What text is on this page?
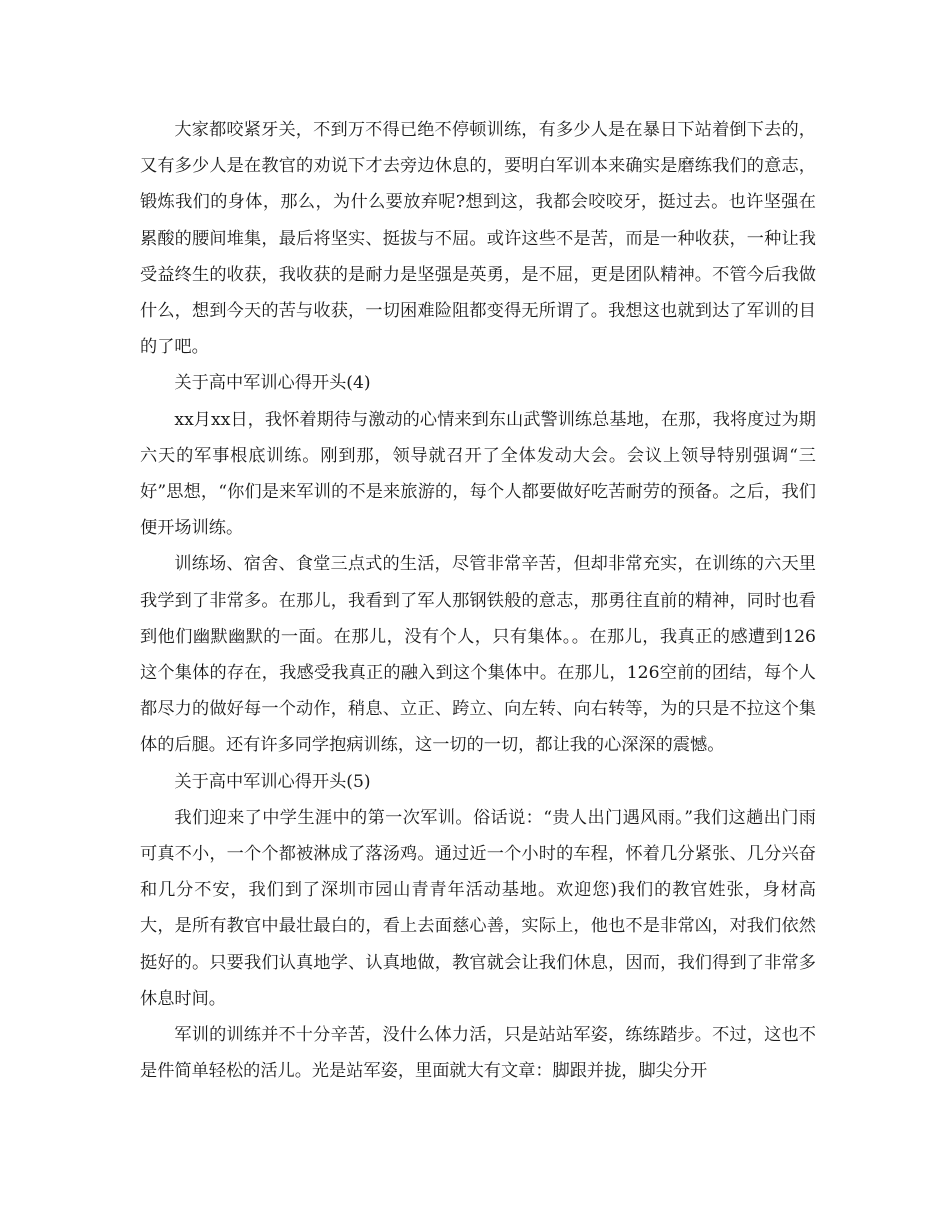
大家都咬紧牙关，不到万不得已绝不停顿训练，有多少人是在暴日下站着倒下去的，又有多少人是在教官的劝说下才去旁边休息的，要明白军训本来确实是磨练我们的意志，锻炼我们的身体，那么，为什么要放弃呢?想到这，我都会咬咬牙，挺过去。也许坚强在累酸的腰间堆集，最后将坚实、挺拔与不屈。或许这些不是苦，而是一种收获，一种让我受益终生的收获，我收获的是耐力是坚强是英勇，是不屈，更是团队精神。不管今后我做什么，想到今天的苦与收获，一切困难险阻都变得无所谓了。我想这也就到达了军训的目的了吧。

关于高中军训心得开头(4)

xx月xx日，我怀着期待与激动的心情来到东山武警训练总基地，在那，我将度过为期六天的军事根底训练。刚到那，领导就召开了全体发动大会。会议上领导特别强调“三好”思想，“你们是来军训的不是来旅游的，每个人都要做好吃苦耐劳的预备。之后，我们便开场训练。

训练场、宿舍、食堂三点式的生活，尽管非常辛苦，但却非常充实，在训练的六天里我学到了非常多。在那儿，我看到了军人那钢铁般的意志，那勇往直前的精神，同时也看到他们幽默幽默的一面。在那儿，没有个人，只有集体。。在那儿，我真正的感遭到126这个集体的存在，我感受我真正的融入到这个集体中。在那儿，126空前的团结，每个人都尽力的做好每一个动作，稍息、立正、跨立、向左转、向右转等，为的只是不拉这个集体的后腿。还有许多同学抱病训练，这一切的一切，都让我的心深深的震憾。

关于高中军训心得开头(5)

我们迎来了中学生涯中的第一次军训。俗话说：“贵人出门遇风雨。”我们这趟出门雨可真不小，一个个都被淋成了落汤鸡。通过近一个小时的车程，怀着几分紧张、几分兴奋和几分不安，我们到了深圳市园山青青年活动基地。欢迎您)我们的教官姓张，身材高大，是所有教官中最壮最白的，看上去面慈心善，实际上，他也不是非常凶，对我们依然挺好的。只要我们认真地学、认真地做，教官就会让我们休息，因而，我们得到了非常多休息时间。

军训的训练并不十分辛苦，没什么体力活，只是站站军姿，练练踏步。不过，这也不是件简单轻松的活儿。光是站军姿，里面就大有文章：脚跟并拢，脚尖分开
